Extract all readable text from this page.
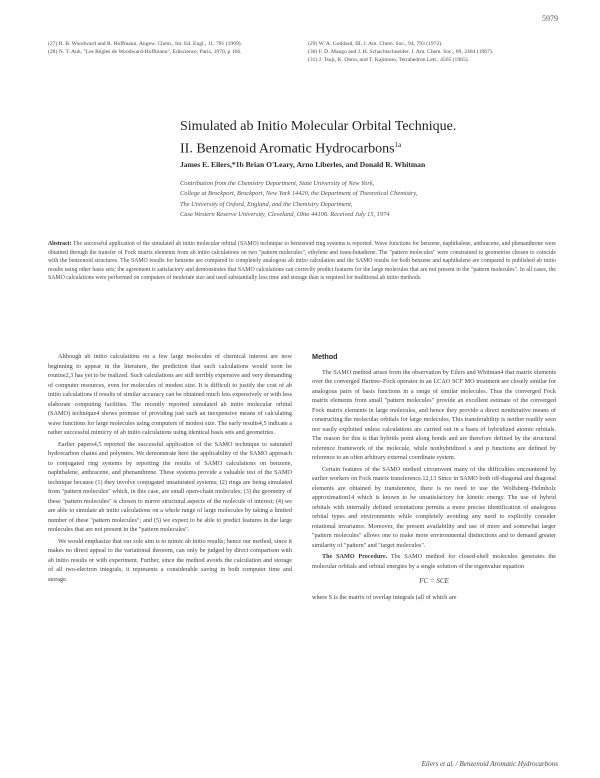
5979

(27) R. B. Woodward and R. Hoffmann, Angew. Chem., Int. Ed. Engl., 11, 781 (1969).

(28) N. T. Anh, "Les Règles de Woodward-Hoffmann", Ediscience, Paris, 1970, p 166.

(29) W. A. Goddard, III, J. Am. Chem. Soc., 94, 793 (1972).

(30) F. D. Mango and J. H. Schachtschneider, J. Am. Chem. Soc., 89, 2484 (1967).

(31) J. Tsuji, K. Ohno, and T. Kajimoto, Tetrahedron Lett., 4565 (1965).

Simulated ab Initio Molecular Orbital Technique.

II. Benzenoid Aromatic Hydrocarbons$^{1a}$

James E. Eilers,*1b Brian O'Leary, Arno Liberles, and Donald R. Whitman

Contribution from the Chemistry Department, State University of New York,

College at Brockport, Brockport, New York 14420, the Department of Theoretical Chemistry,

The University of Oxford, England, and the Chemistry Department,

Case Western Reserve University, Cleveland, Ohio 44106. Received July 15, 1974

Abstract: The successful application of the simulated ab initio molecular orbital (SAMO) technique to benzenoid ring systems is reported. Wave functions for benzene, naphthalene, anthracene, and phenanthrene were obtained through the transfer of Fock matrix elements from ab initio calculations on two "pattern molecules", ethylene and trans-butadiene. The "pattern molecules" were constrained to geometries chosen to coincide with the benzenoid structures. The SAMO results for benzene are compared to completely analogous ab initio calculation and the SAMO results for both benzene and naphthalene are compared to published ab initio results using other basis sets; the agreement is satisfactory and demonstrates that SAMO calculations can correctly predict features for the large molecules that are not present in the "pattern molecules". In all cases, the SAMO calculations were performed on computers of moderate size and used substantially less time and storage than is required for traditional ab initio methods.

Although ab initio calculations on a few large molecules of chemical interest are now beginning to appear in the literature, the prediction that such calculations would soon be routine2,3 has yet to be realized. Such calculations are still terribly expensive and very demanding of computer resources, even for molecules of modest size. It is difficult to justify the cost of ab initio calculations if results of similar accuracy can be obtained much less expensively or with less elaborate computing facilities. The recently reported simulated ab initio molecular orbital (SAMO) technique4 shows promise of providing just such an inexpensive means of calculating wave functions for large molecules using computers of modest size. The early results4,5 indicate a rather successful mimicry of ab initio calculations using identical basis sets and geometries.

Earlier papers4,5 reported the successful application of the SAMO technique to saturated hydrocarbon chains and polymers. We demonstrate here the applicability of the SAMO approach to conjugated ring systems by reporting the results of SAMO calculations on benzene, naphthalene, anthracene, and phenanthrene. These systems provide a valuable test of the SAMO technique because (1) they involve conjugated unsaturated systems; (2) rings are being simulated from "pattern molecules" which, in this case, are small open-chain molecules; (3) the geometry of these "pattern molecules" is chosen to mirror structural aspects of the molecule of interest; (4) we are able to simulate ab initio calculations on a whole range of large molecules by taking a limited number of these "pattern molecules"; and (5) we expect to be able to predict features in the large molecules that are not present in the "pattern molecules".

We would emphasize that our sole aim is to mimic ab initio results; hence our method, since it makes no direct appeal to the variational theorem, can only be judged by direct comparison with ab initio results or with experiment. Further, since the method avoids the calculation and storage of all two-electron integrals, it represents a considerable saving in both computer time and storage.

Method

The SAMO method arises from the observation by Eilers and Whitman4 that matrix elements over the converged Hartree–Fock operator in an LCAO SCF MO treatment are closely similar for analogous pairs of basis functions in a range of similar molecules. Thus the converged Fock matrix elements from small "pattern molecules" provide an excellent estimate of the converged Fock matrix elements in large molecules, and hence they provide a direct noniterative means of constructing the molecular orbitals for large molecules. This transferability is neither readily seen nor easily exploited unless calculations are carried out in a basis of hybridized atomic orbitals. The reason for this is that hybrids point along bonds and are therefore defined by the structural reference framework of the molecule, while nonhybridized s and p functions are defined by reference to an often arbitrary external coordinate system.

Certain features of the SAMO method circumvent many of the difficulties encountered by earlier workers on Fock matrix transference.12,13 Since in SAMO both off-diagonal and diagonal elements are obtained by transference, there is no need to use the Wolfsberg–Helmholz approximation14 which is known to be unsatisfactory for kinetic energy. The use of hybrid orbitals with internally defined orientations permits a more precise identification of analogous orbital types and environments while completely avoiding any need to explicitly consider rotational invariance. Moreover, the present availability and use of more and somewhat larger "pattern molecules" allows one to make more environmental distinctions and to demand greater similarity of "pattern" and "target molecules".

The SAMO Procedure. The SAMO method for closed-shell molecules generates the molecular orbitals and orbital energies by a single solution of the eigenvalue equation

FC = SCE

where S is the matrix of overlap integrals (all of which are

Eilers et al. / Benzenoid Aromatic Hydrocarbons
